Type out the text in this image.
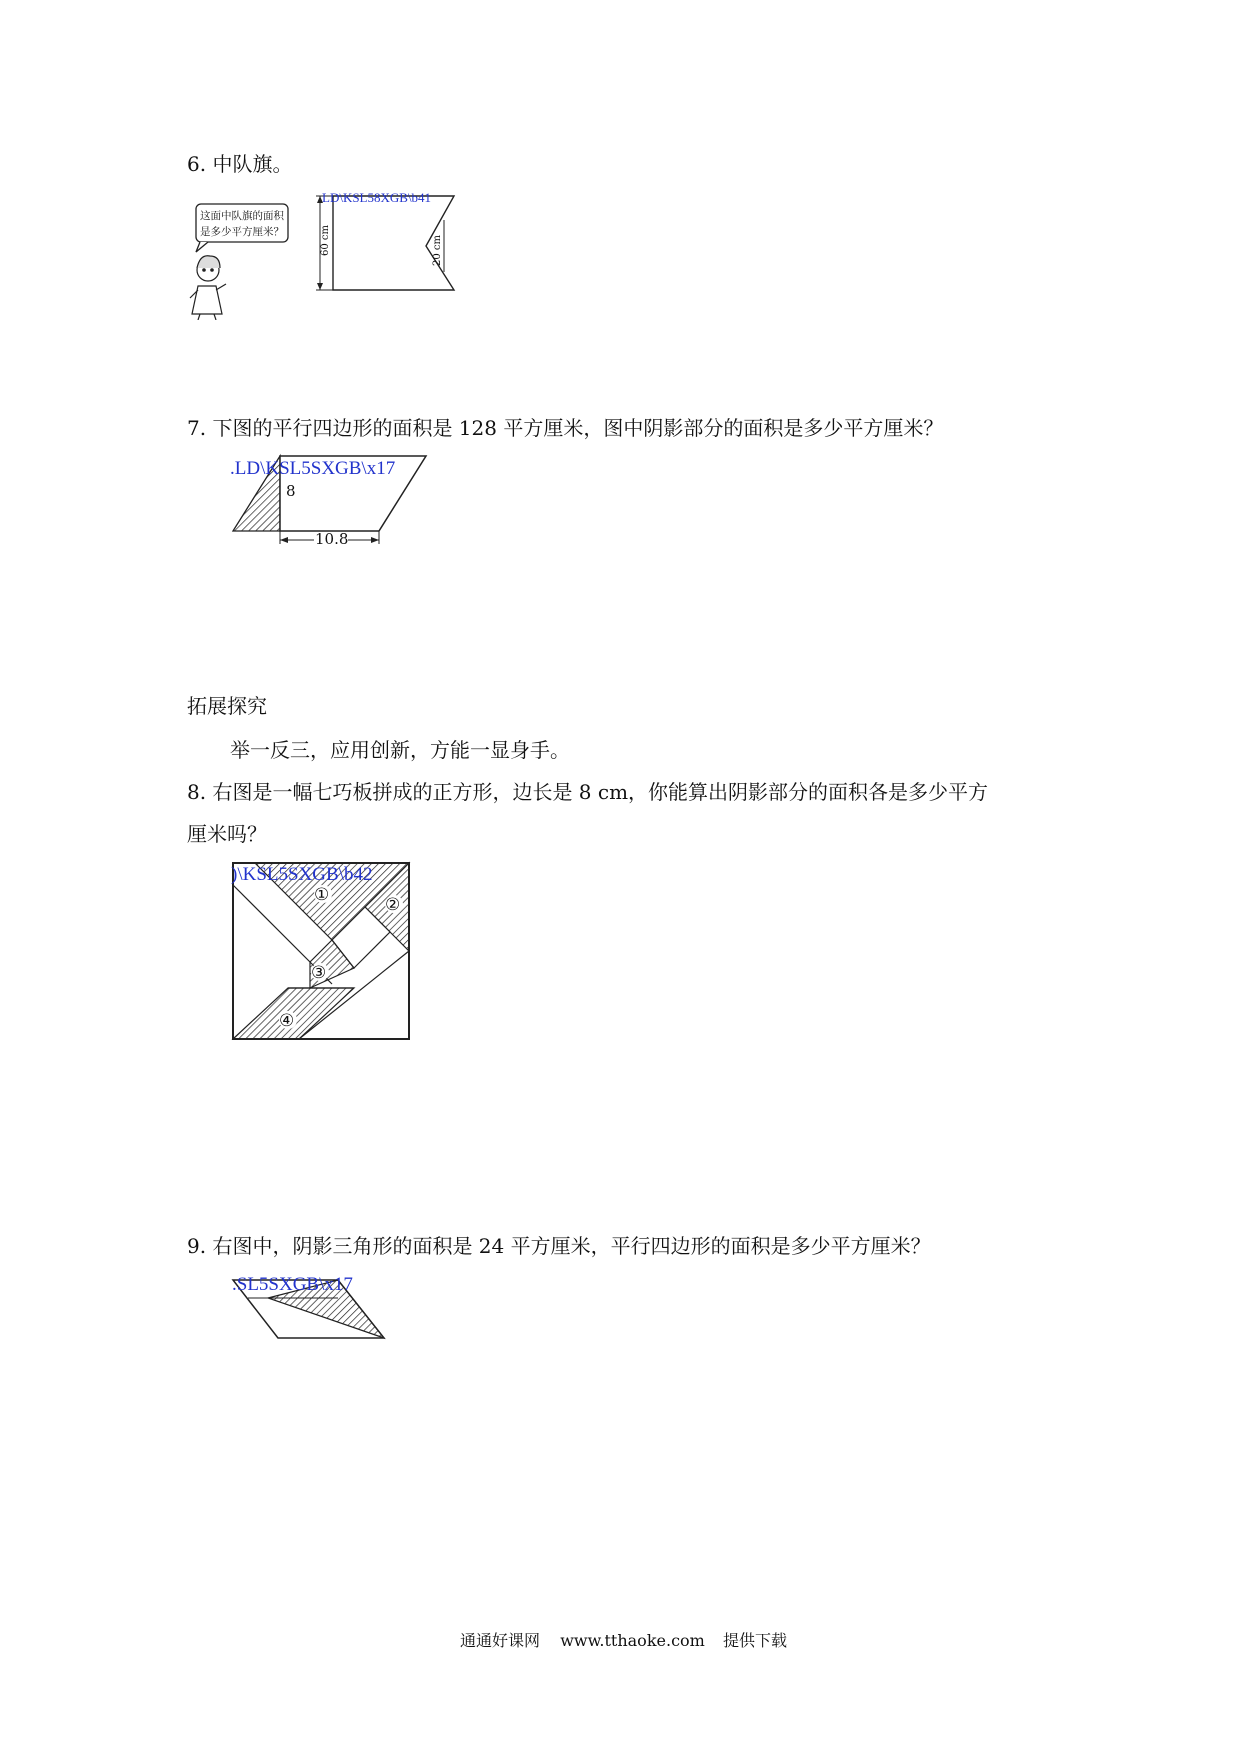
6. 中队旗。
这面中队旗的面积
是多少平方厘米？	60 cm	20 cm
LD\KSL58XGB\b41
7. 下图的平行四边形的面积是 128 平方厘米，图中阴影部分的面积是多少平方厘米？
10.8
8
.LD\KSL5SXGB\x17
拓展探究
举一反三，应用创新，方能一显身手。
8. 右图是一幅七巧板拼成的正方形，边长是 8 cm，你能算出阴影部分的面积各是多少平方
厘米吗？
①	②
③
④
)\KSL5SXGB\b42
9. 右图中，阴影三角形的面积是 24 平方厘米，平行四边形的面积是多少平方厘米？
.SL5SXGB\x17
通通好课网 www.tthaoke.com 提供下载
